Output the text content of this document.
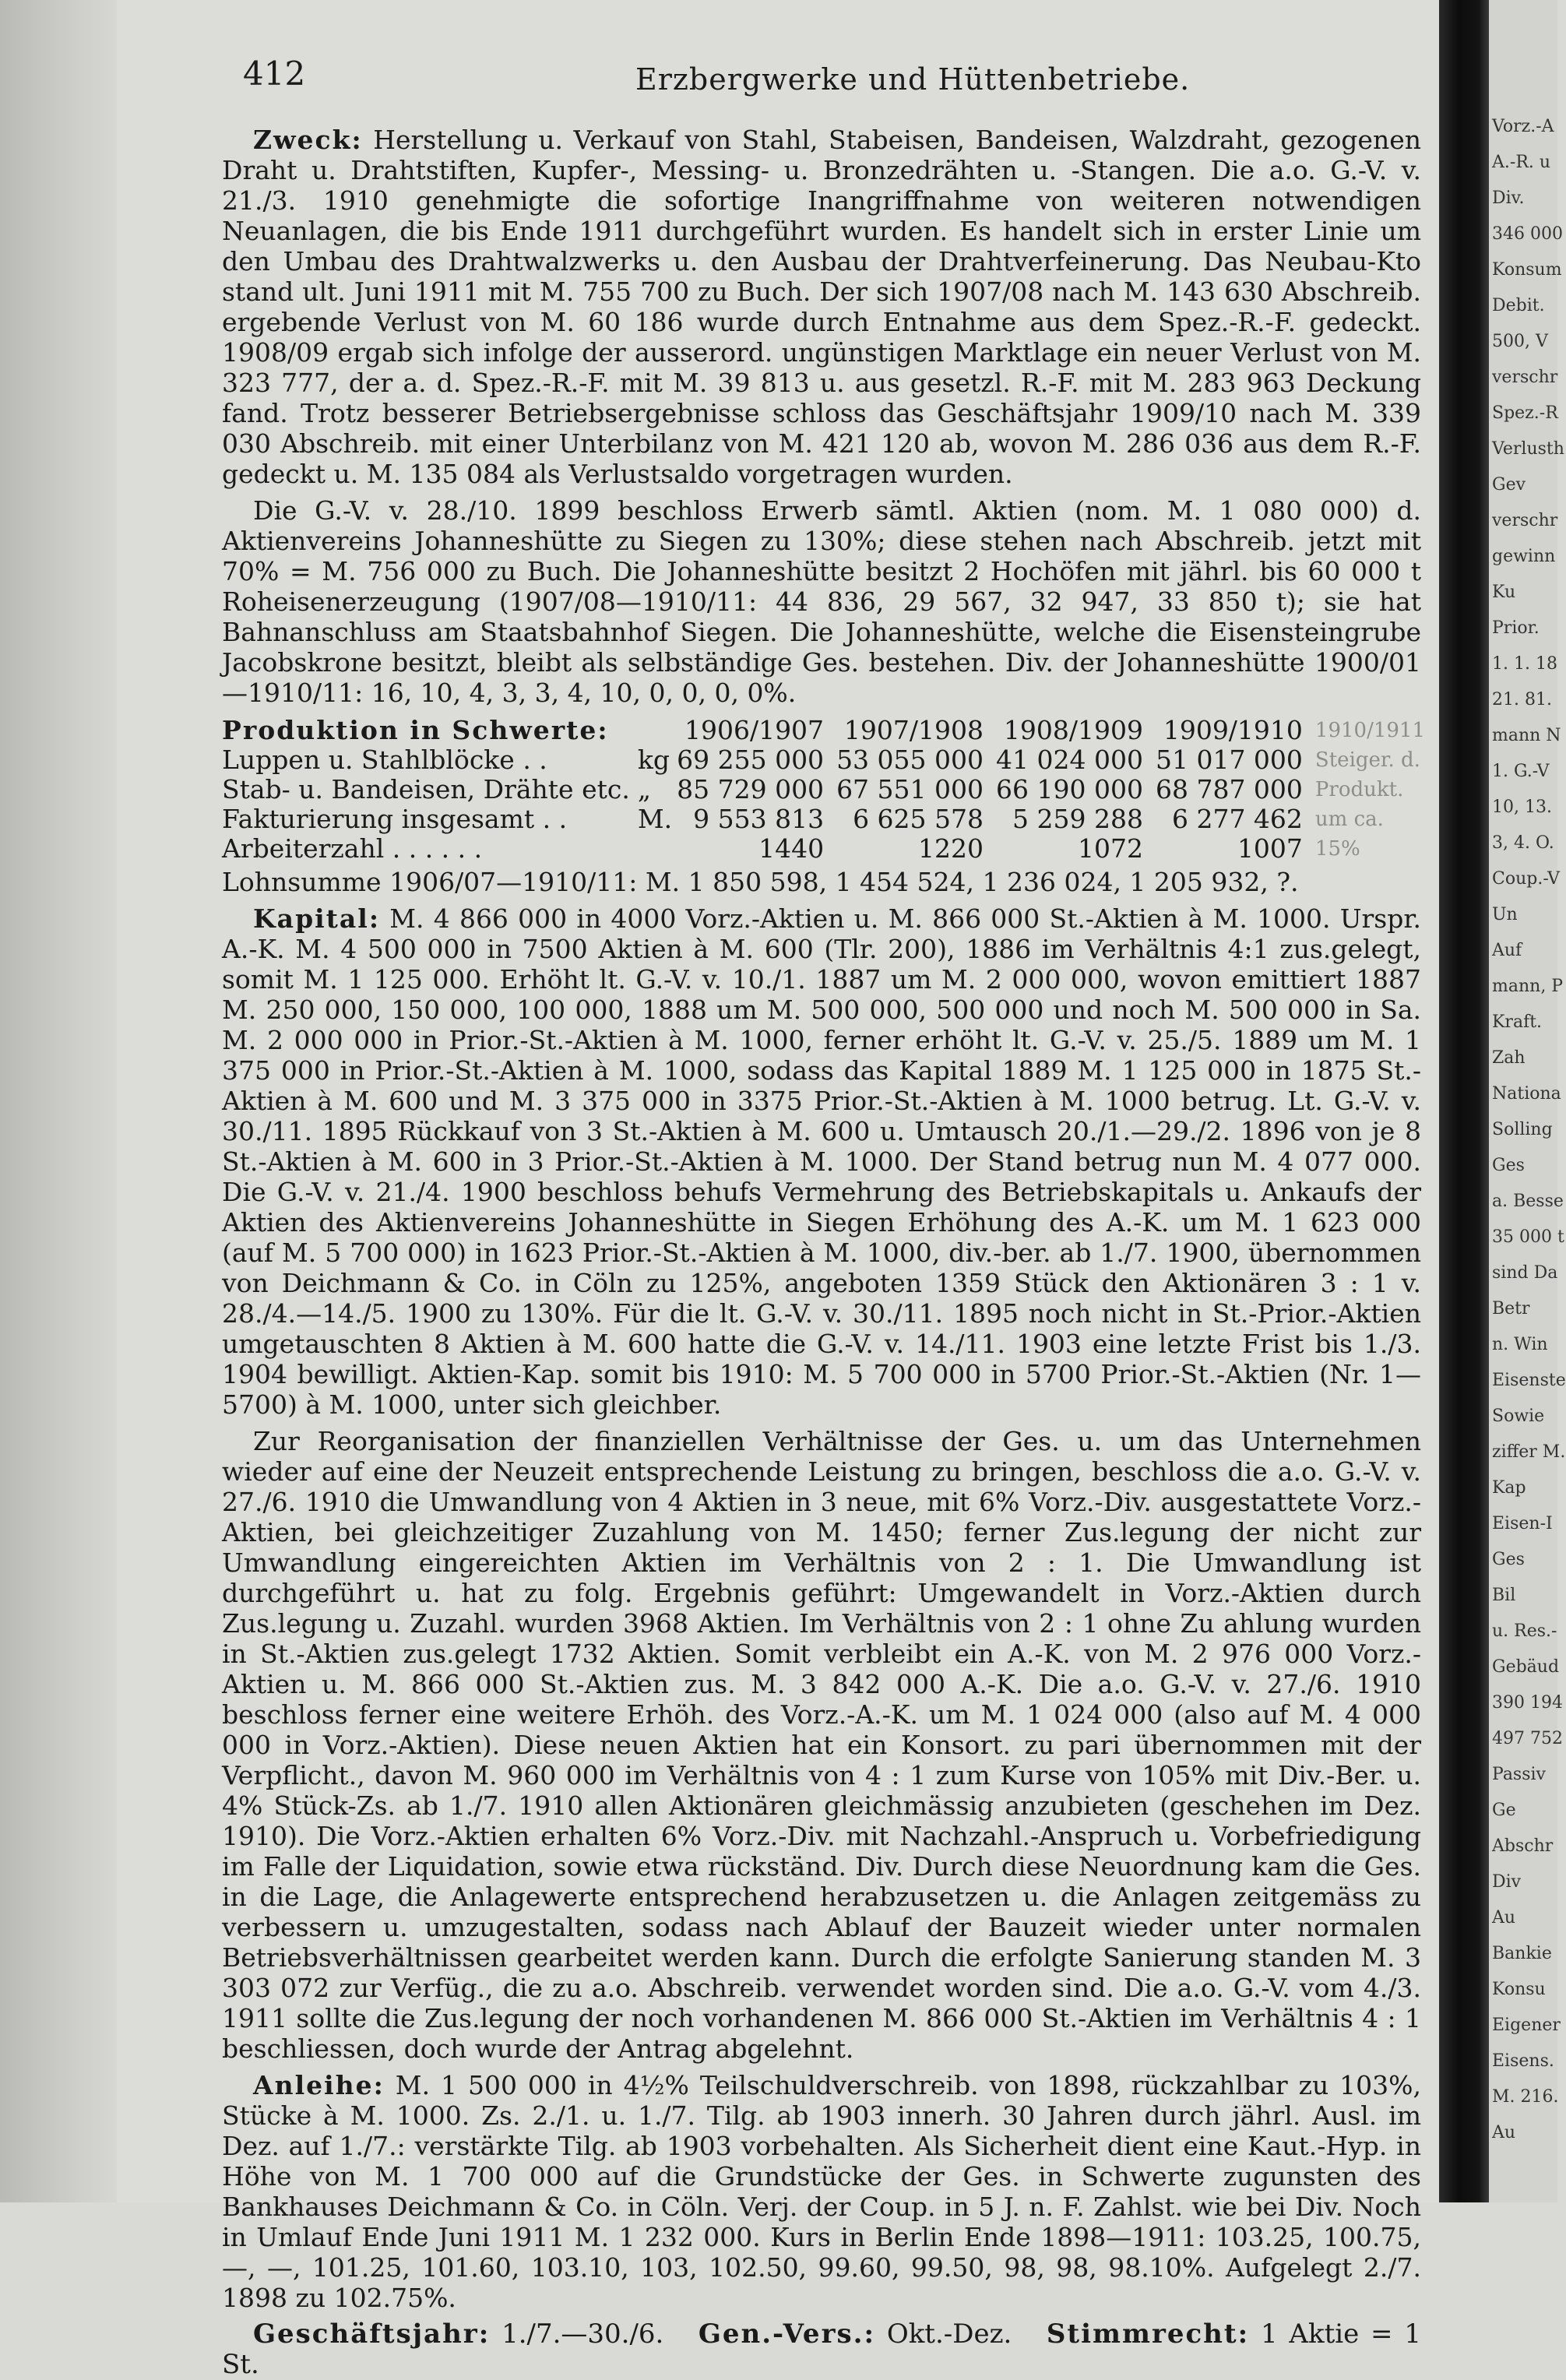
412	Erzbergwerke und Hüttenbetriebe.

Zweck: Herstellung u. Verkauf von Stahl, Stabeisen, Bandeisen, Walzdraht, gezogenen Draht u. Drahtstiften, Kupfer-, Messing- u. Bronzedrähten u. -Stangen. Die a.o. G.-V. v. 21./3. 1910 genehmigte die sofortige Inangriffnahme von weiteren notwendigen Neuanlagen, die bis Ende 1911 durchgeführt wurden. Es handelt sich in erster Linie um den Umbau des Drahtwalzwerks u. den Ausbau der Drahtverfeinerung. Das Neubau-Kto stand ult. Juni 1911 mit M. 755 700 zu Buch. Der sich 1907/08 nach M. 143 630 Abschreib. ergebende Verlust von M. 60 186 wurde durch Entnahme aus dem Spez.-R.-F. gedeckt. 1908/09 ergab sich infolge der ausserord. ungünstigen Marktlage ein neuer Verlust von M. 323 777, der a. d. Spez.-R.-F. mit M. 39 813 u. aus gesetzl. R.-F. mit M. 283 963 Deckung fand. Trotz besserer Betriebsergebnisse schloss das Geschäftsjahr 1909/10 nach M. 339 030 Abschreib. mit einer Unterbilanz von M. 421 120 ab, wovon M. 286 036 aus dem R.-F. gedeckt u. M. 135 084 als Verlustsaldo vorgetragen wurden.

Die G.-V. v. 28./10. 1899 beschloss Erwerb sämtl. Aktien (nom. M. 1 080 000) d. Aktienvereins Johanneshütte zu Siegen zu 130%; diese stehen nach Abschreib. jetzt mit 70% = M. 756 000 zu Buch. Die Johanneshütte besitzt 2 Hochöfen mit jährl. bis 60 000 t Roheisenerzeugung (1907/08—1910/11: 44 836, 29 567, 32 947, 33 850 t); sie hat Bahnanschluss am Staatsbahnhof Siegen. Die Johanneshütte, welche die Eisensteingrube Jacobskrone besitzt, bleibt als selbständige Ges. bestehen. Div. der Johanneshütte 1900/01—1910/11: 16, 10, 4, 3, 3, 4, 10, 0, 0, 0, 0%.

Produktion in Schwerte:		1906/1907	1907/1908	1908/1909	1909/1910	1910/1911
Luppen u. Stahlblöcke . .	kg	69 255 000	53 055 000	41 024 000	51 017 000	Steiger. d.
Stab- u. Bandeisen, Drähte etc.	„	85 729 000	67 551 000	66 190 000	68 787 000	Produkt.
Fakturierung insgesamt . .	M.	9 553 813	6 625 578	5 259 288	6 277 462	um ca.
Arbeiterzahl . . . . . .		1440	1220	1072	1007	15%

Lohnsumme 1906/07—1910/11: M. 1 850 598, 1 454 524, 1 236 024, 1 205 932, ?.

Kapital: M. 4 866 000 in 4000 Vorz.-Aktien u. M. 866 000 St.-Aktien à M. 1000. Urspr. A.-K. M. 4 500 000 in 7500 Aktien à M. 600 (Tlr. 200), 1886 im Verhältnis 4:1 zus.gelegt, somit M. 1 125 000. Erhöht lt. G.-V. v. 10./1. 1887 um M. 2 000 000, wovon emittiert 1887 M. 250 000, 150 000, 100 000, 1888 um M. 500 000, 500 000 und noch M. 500 000 in Sa. M. 2 000 000 in Prior.-St.-Aktien à M. 1000, ferner erhöht lt. G.-V. v. 25./5. 1889 um M. 1 375 000 in Prior.-St.-Aktien à M. 1000, sodass das Kapital 1889 M. 1 125 000 in 1875 St.-Aktien à M. 600 und M. 3 375 000 in 3375 Prior.-St.-Aktien à M. 1000 betrug. Lt. G.-V. v. 30./11. 1895 Rückkauf von 3 St.-Aktien à M. 600 u. Umtausch 20./1.—29./2. 1896 von je 8 St.-Aktien à M. 600 in 3 Prior.-St.-Aktien à M. 1000. Der Stand betrug nun M. 4 077 000. Die G.-V. v. 21./4. 1900 beschloss behufs Vermehrung des Betriebskapitals u. Ankaufs der Aktien des Aktienvereins Johanneshütte in Siegen Erhöhung des A.-K. um M. 1 623 000 (auf M. 5 700 000) in 1623 Prior.-St.-Aktien à M. 1000, div.-ber. ab 1./7. 1900, übernommen von Deichmann & Co. in Cöln zu 125%, angeboten 1359 Stück den Aktionären 3 : 1 v. 28./4.—14./5. 1900 zu 130%. Für die lt. G.-V. v. 30./11. 1895 noch nicht in St.-Prior.-Aktien umgetauschten 8 Aktien à M. 600 hatte die G.-V. v. 14./11. 1903 eine letzte Frist bis 1./3. 1904 bewilligt. Aktien-Kap. somit bis 1910: M. 5 700 000 in 5700 Prior.-St.-Aktien (Nr. 1—5700) à M. 1000, unter sich gleichber.

Zur Reorganisation der finanziellen Verhältnisse der Ges. u. um das Unternehmen wieder auf eine der Neuzeit entsprechende Leistung zu bringen, beschloss die a.o. G.-V. v. 27./6. 1910 die Umwandlung von 4 Aktien in 3 neue, mit 6% Vorz.-Div. ausgestattete Vorz.-Aktien, bei gleichzeitiger Zuzahlung von M. 1450; ferner Zus.legung der nicht zur Umwandlung eingereichten Aktien im Verhältnis von 2 : 1. Die Umwandlung ist durchgeführt u. hat zu folg. Ergebnis geführt: Umgewandelt in Vorz.-Aktien durch Zus.legung u. Zuzahl. wurden 3968 Aktien. Im Verhältnis von 2 : 1 ohne Zu ahlung wurden in St.-Aktien zus.gelegt 1732 Aktien. Somit verbleibt ein A.-K. von M. 2 976 000 Vorz.-Aktien u. M. 866 000 St.-Aktien zus. M. 3 842 000 A.-K. Die a.o. G.-V. v. 27./6. 1910 beschloss ferner eine weitere Erhöh. des Vorz.-A.-K. um M. 1 024 000 (also auf M. 4 000 000 in Vorz.-Aktien). Diese neuen Aktien hat ein Konsort. zu pari übernommen mit der Verpflicht., davon M. 960 000 im Verhältnis von 4 : 1 zum Kurse von 105% mit Div.-Ber. u. 4% Stück-Zs. ab 1./7. 1910 allen Aktionären gleichmässig anzubieten (geschehen im Dez. 1910). Die Vorz.-Aktien erhalten 6% Vorz.-Div. mit Nachzahl.-Anspruch u. Vorbefriedigung im Falle der Liquidation, sowie etwa rückständ. Div. Durch diese Neuordnung kam die Ges. in die Lage, die Anlagewerte entsprechend herabzusetzen u. die Anlagen zeitgemäss zu verbessern u. umzugestalten, sodass nach Ablauf der Bauzeit wieder unter normalen Betriebsverhältnissen gearbeitet werden kann. Durch die erfolgte Sanierung standen M. 3 303 072 zur Verfüg., die zu a.o. Abschreib. verwendet worden sind. Die a.o. G.-V. vom 4./3. 1911 sollte die Zus.legung der noch vorhandenen M. 866 000 St.-Aktien im Verhältnis 4 : 1 beschliessen, doch wurde der Antrag abgelehnt.

Anleihe: M. 1 500 000 in 4½% Teilschuldverschreib. von 1898, rückzahlbar zu 103%, Stücke à M. 1000. Zs. 2./1. u. 1./7. Tilg. ab 1903 innerh. 30 Jahren durch jährl. Ausl. im Dez. auf 1./7.: verstärkte Tilg. ab 1903 vorbehalten. Als Sicherheit dient eine Kaut.-Hyp. in Höhe von M. 1 700 000 auf die Grundstücke der Ges. in Schwerte zugunsten des Bankhauses Deichmann & Co. in Cöln. Verj. der Coup. in 5 J. n. F. Zahlst. wie bei Div. Noch in Umlauf Ende Juni 1911 M. 1 232 000. Kurs in Berlin Ende 1898—1911: 103.25, 100.75, —, —, 101.25, 101.60, 103.10, 103, 102.50, 99.60, 99.50, 98, 98, 98.10%. Aufgelegt 2./7. 1898 zu 102.75%.

Geschäftsjahr: 1./7.—30./6. Gen.-Vers.: Okt.-Dez. Stimmrecht: 1 Aktie = 1 St.

Vorz.-A
A.-R. u
Div.
346 000
Konsum
Debit.
500, V
verschr
Spez.-R
Verlusth
Gev
verschr
gewinn
Ku
Prior.
1. 1. 18
21. 81.
mann N
1. G.-V
10, 13.
3, 4. O.
Coup.-V
Un
Auf
mann, P
Kraft.
Zah
Nationa
Solling
Ges
a. Besse
35 000 t
sind Da
Betr
n. Win
Eisenste
Sowie
ziffer M.
Kap
Eisen-I
Ges
Bil
u. Res.-
Gebäud
390 194
497 752
Passiv
Ge
Abschr
Div
Au
Bankie
Konsu
Eigener
Eisens.
M. 216.
Au
